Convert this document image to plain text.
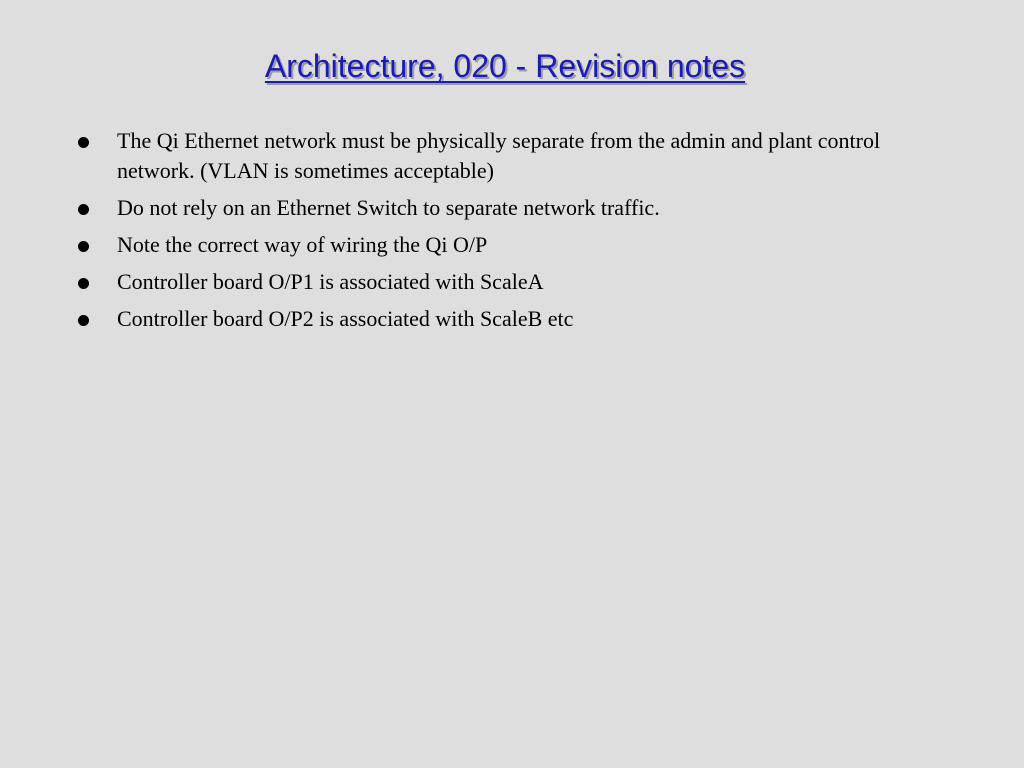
Architecture, 020 - Revision notes
The Qi Ethernet network must be physically separate from the admin and plant control network. (VLAN is sometimes acceptable)
Do not rely on an Ethernet Switch to separate network traffic.
Note the correct way of wiring the Qi O/P
Controller board O/P1 is associated with ScaleA
Controller board O/P2 is associated with ScaleB etc
